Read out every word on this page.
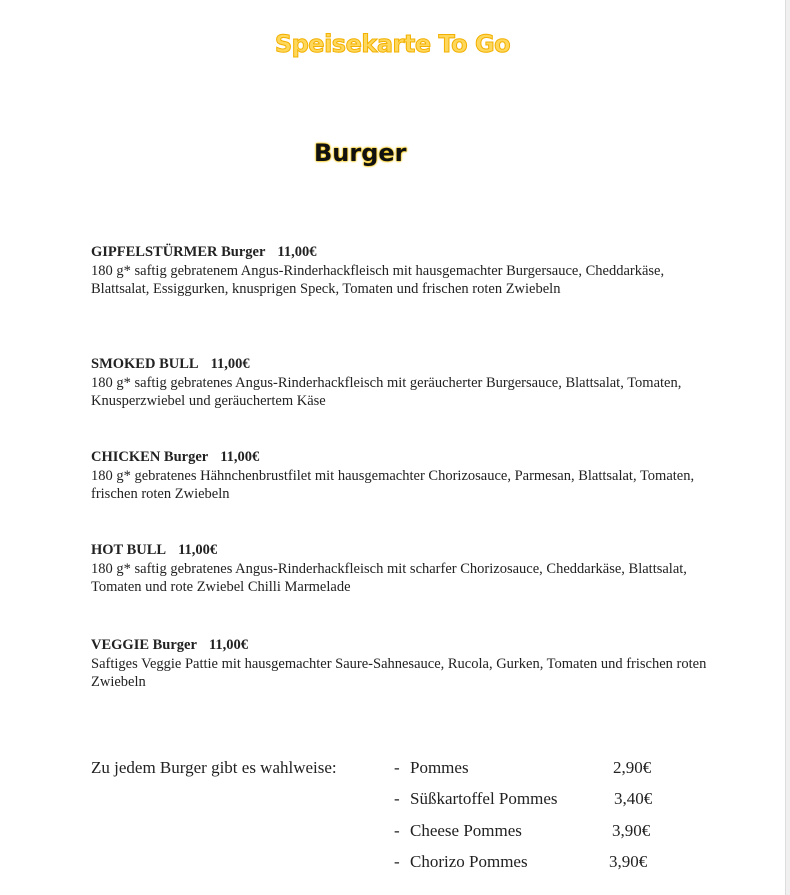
Speisekarte To Go
Burger
GIPFELSTÜRMER Burger 11,00€
180 g* saftig gebratenem Angus-Rinderhackfleisch mit hausgemachter Burgersauce, Cheddarkäse, Blattsalat, Essiggurken, knusprigen Speck, Tomaten und frischen roten Zwiebeln
SMOKED BULL 11,00€
180 g* saftig gebratenes Angus-Rinderhackfleisch mit geräucherter Burgersauce, Blattsalat, Tomaten, Knusperzwiebel und geräuchertem Käse
CHICKEN Burger 11,00€
180 g* gebratenes Hähnchenbrustfilet mit hausgemachter Chorizosauce, Parmesan, Blattsalat, Tomaten, frischen roten Zwiebeln
HOT BULL 11,00€
180 g* saftig gebratenes Angus-Rinderhackfleisch mit scharfer Chorizosauce, Cheddarkäse, Blattsalat, Tomaten und rote Zwiebel Chilli Marmelade
VEGGIE Burger 11,00€
Saftiges Veggie Pattie mit hausgemachter Saure-Sahnesauce, Rucola, Gurken, Tomaten und frischen roten Zwiebeln
Zu jedem Burger gibt es wahlweise:	- Pommes	2,90€
- Süßkartoffel Pommes	3,40€
- Cheese Pommes	3,90€
- Chorizo Pommes	3,90€
